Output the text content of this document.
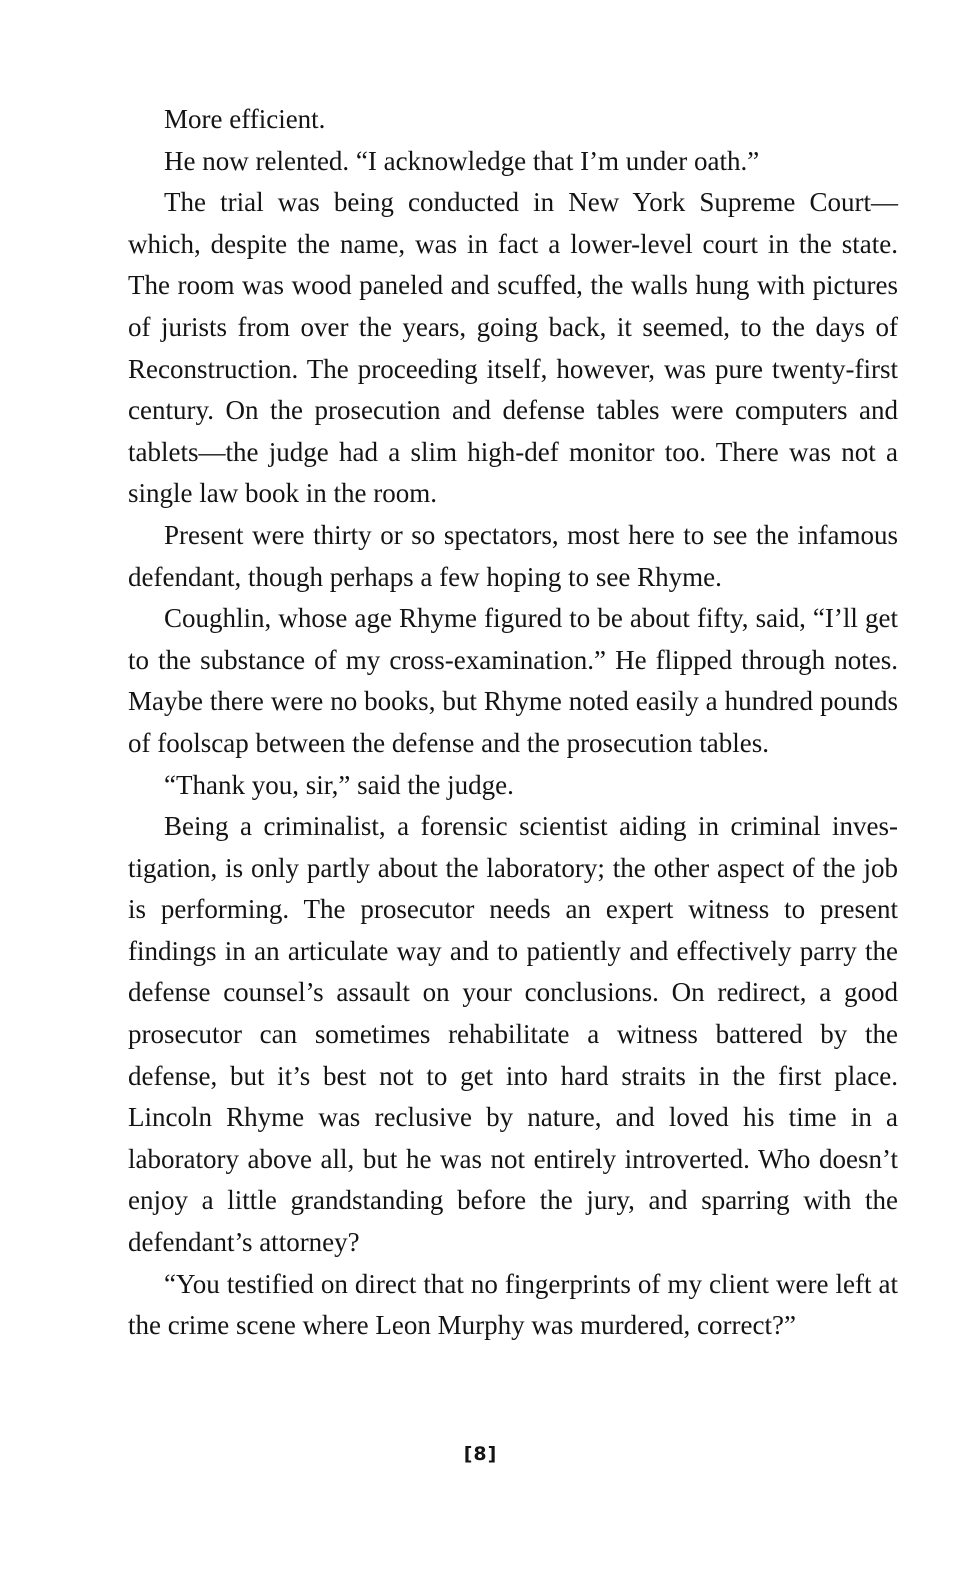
More efficient.

He now relented. “I acknowledge that I’m under oath.”

The trial was being conducted in New York Supreme Court—which, despite the name, was in fact a lower-level court in the state. The room was wood paneled and scuffed, the walls hung with pictures of jurists from over the years, going back, it seemed, to the days of Reconstruction. The proceeding itself, however, was pure twenty-first century. On the prosecution and defense tables were computers and tablets—the judge had a slim high-def monitor too. There was not a single law book in the room.

Present were thirty or so spectators, most here to see the infamous defendant, though perhaps a few hoping to see Rhyme.

Coughlin, whose age Rhyme figured to be about fifty, said, “I’ll get to the substance of my cross-examination.” He flipped through notes. Maybe there were no books, but Rhyme noted easily a hundred pounds of foolscap between the defense and the prosecution tables.

“Thank you, sir,” said the judge.

Being a criminalist, a forensic scientist aiding in criminal investigation, is only partly about the laboratory; the other aspect of the job is performing. The prosecutor needs an expert witness to present findings in an articulate way and to patiently and effectively parry the defense counsel’s assault on your conclusions. On redirect, a good prosecutor can sometimes rehabilitate a witness battered by the defense, but it’s best not to get into hard straits in the first place. Lincoln Rhyme was reclusive by nature, and loved his time in a laboratory above all, but he was not entirely introverted. Who doesn’t enjoy a little grandstanding before the jury, and sparring with the defendant’s attorney?

“You testified on direct that no fingerprints of my client were left at the crime scene where Leon Murphy was murdered, correct?”

[8]
